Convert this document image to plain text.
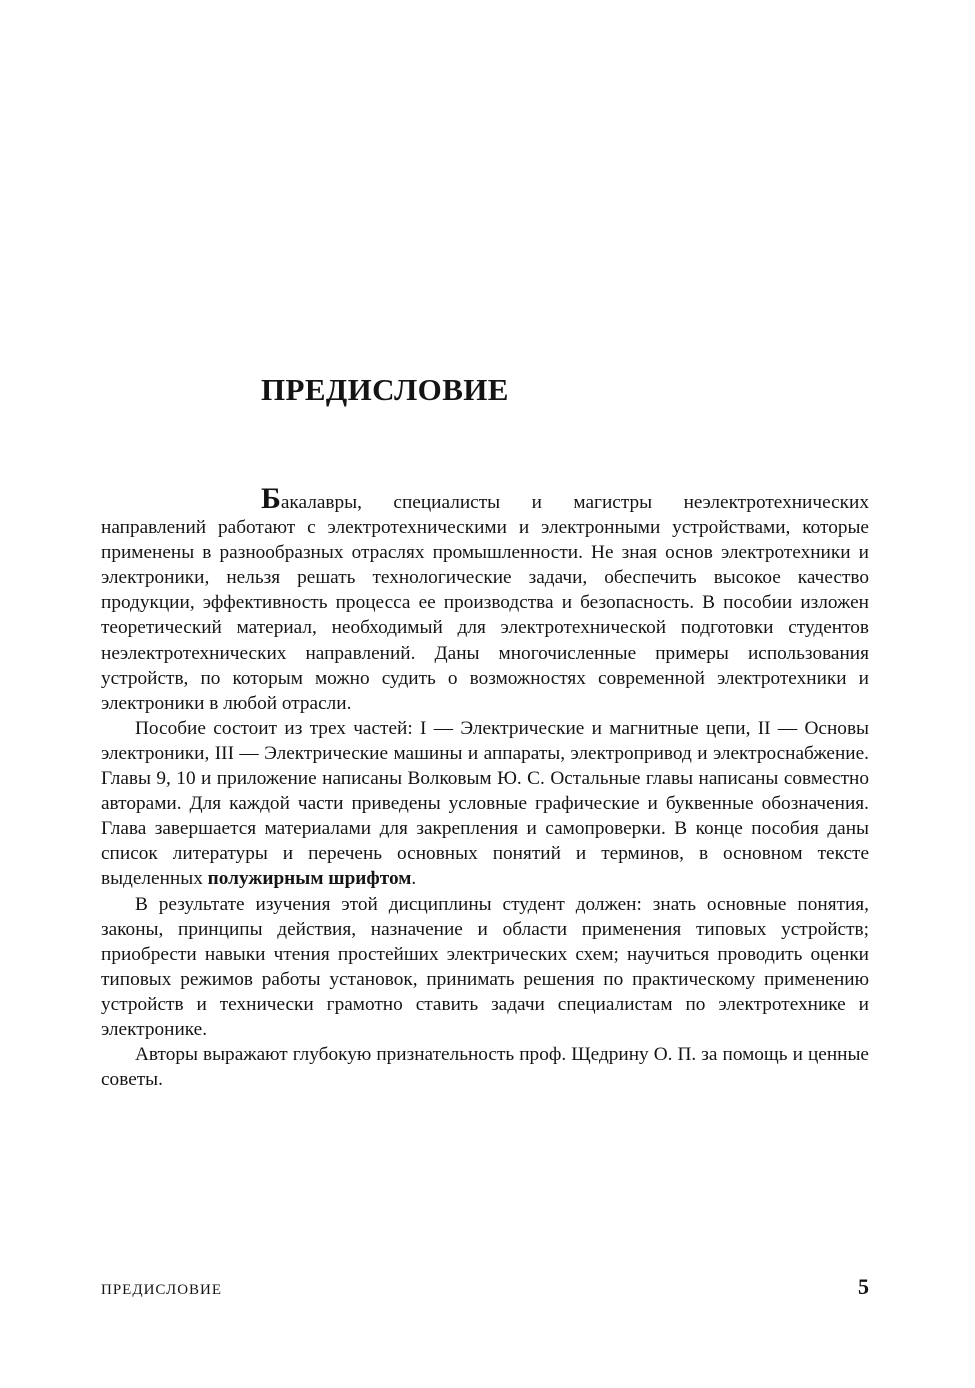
ПРЕДИСЛОВИЕ

Бакалавры, специалисты и магистры неэлектротехнических направлений работают с электротехническими и электронными устройствами, которые применены в разнообразных отраслях промышленности. Не зная основ электротехники и электроники, нельзя решать технологические задачи, обеспечить высокое качество продукции, эффективность процесса ее производства и безопасность. В пособии изложен теоретический материал, необходимый для электротехнической подготовки студентов неэлектротехнических направлений. Даны многочисленные примеры использования устройств, по которым можно судить о возможностях современной электротехники и электроники в любой отрасли.

Пособие состоит из трех частей: I — Электрические и магнитные цепи, II — Основы электроники, III — Электрические машины и аппараты, электропривод и электроснабжение. Главы 9, 10 и приложение написаны Волковым Ю. С. Остальные главы написаны совместно авторами. Для каждой части приведены условные графические и буквенные обозначения. Глава завершается материалами для закрепления и самопроверки. В конце пособия даны список литературы и перечень основных понятий и терминов, в основном тексте выделенных полужирным шрифтом.

В результате изучения этой дисциплины студент должен: знать основные понятия, законы, принципы действия, назначение и области применения типовых устройств; приобрести навыки чтения простейших электрических схем; научиться проводить оценки типовых режимов работы установок, принимать решения по практическому применению устройств и технически грамотно ставить задачи специалистам по электротехнике и электронике.

Авторы выражают глубокую признательность проф. Щедрину О. П. за помощь и ценные советы.

ПРЕДИСЛОВИЕ	5
